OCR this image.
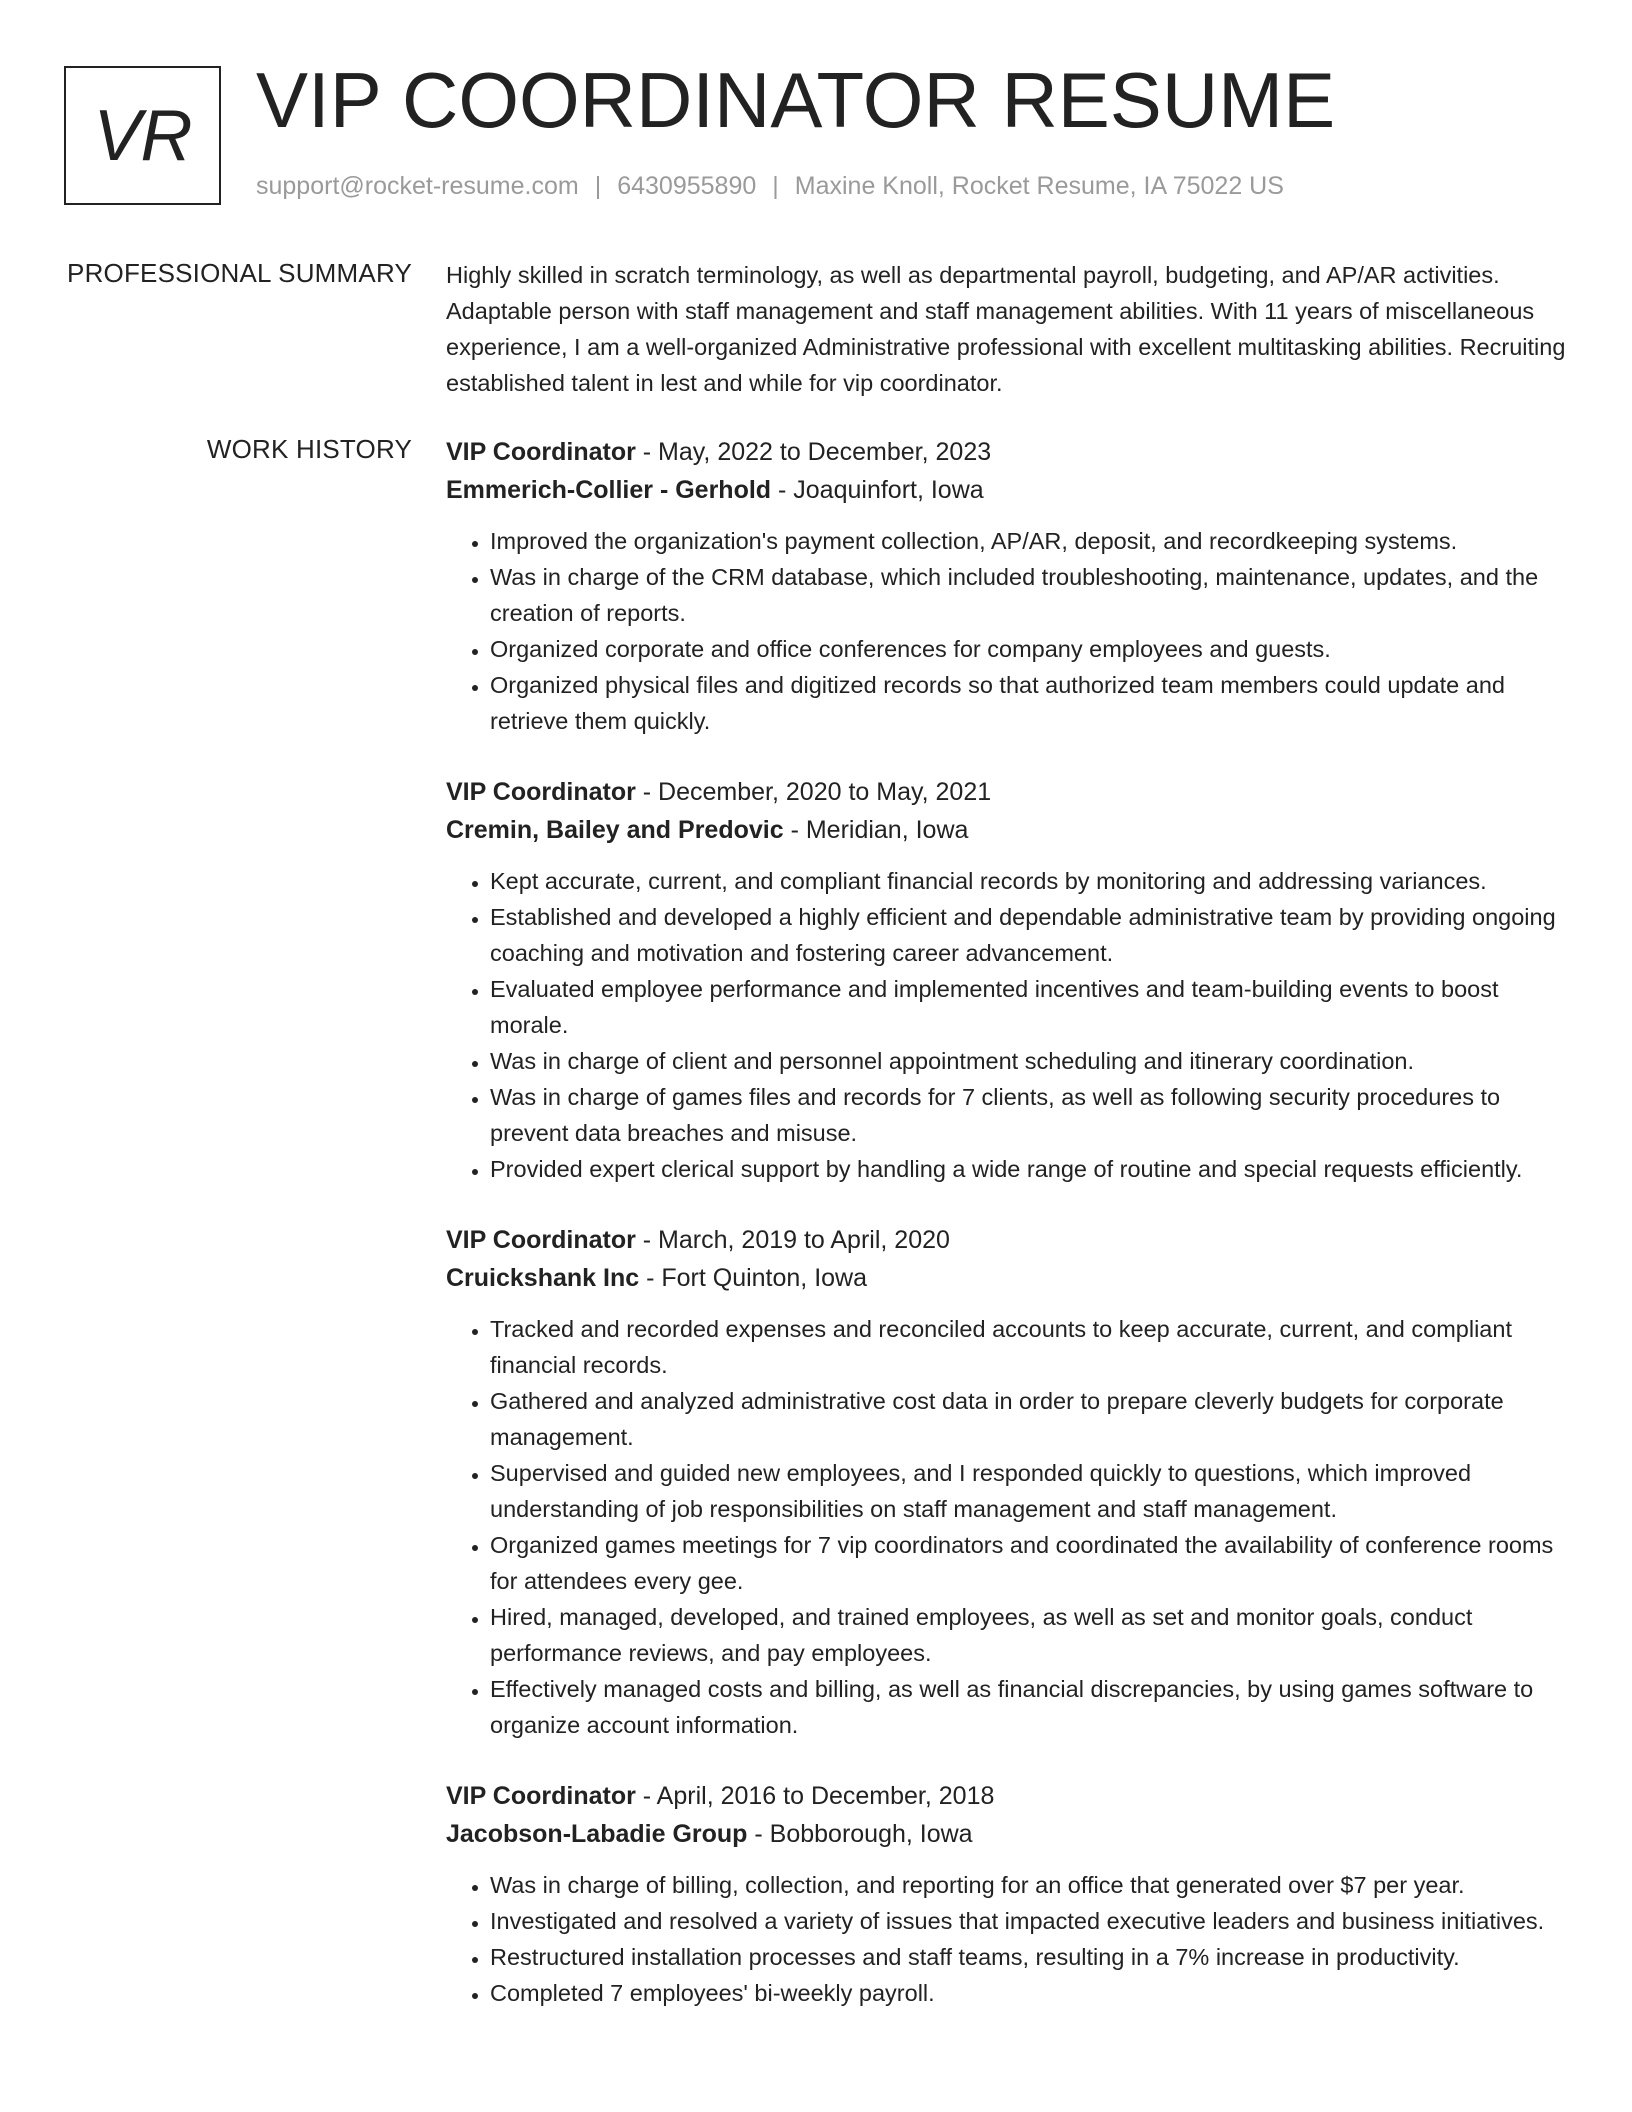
VR VIP COORDINATOR RESUME
support@rocket-resume.com | 6430955890 | Maxine Knoll, Rocket Resume, IA 75022 US
PROFESSIONAL SUMMARY Highly skilled in scratch terminology, as well as departmental payroll, budgeting, and AP/AR activities. Adaptable person with staff management and staff management abilities. With 11 years of miscellaneous experience, I am a well-organized Administrative professional with excellent multitasking abilities. Recruiting established talent in lest and while for vip coordinator.

WORK HISTORY VIP Coordinator - May, 2022 to December, 2023
Emmerich-Collier - Gerhold - Joaquinfort, Iowa
• Improved the organization's payment collection, AP/AR, deposit, and recordkeeping systems.
• Was in charge of the CRM database, which included troubleshooting, maintenance, updates, and the creation of reports.
• Organized corporate and office conferences for company employees and guests.
• Organized physical files and digitized records so that authorized team members could update and retrieve them quickly.
VIP Coordinator - December, 2020 to May, 2021
Cremin, Bailey and Predovic - Meridian, Iowa
• Kept accurate, current, and compliant financial records by monitoring and addressing variances.
• Established and developed a highly efficient and dependable administrative team by providing ongoing coaching and motivation and fostering career advancement.
• Evaluated employee performance and implemented incentives and team-building events to boost morale.
• Was in charge of client and personnel appointment scheduling and itinerary coordination.
• Was in charge of games files and records for 7 clients, as well as following security procedures to prevent data breaches and misuse.
• Provided expert clerical support by handling a wide range of routine and special requests efficiently.
VIP Coordinator - March, 2019 to April, 2020
Cruickshank Inc - Fort Quinton, Iowa
• Tracked and recorded expenses and reconciled accounts to keep accurate, current, and compliant financial records.
• Gathered and analyzed administrative cost data in order to prepare cleverly budgets for corporate management.
• Supervised and guided new employees, and I responded quickly to questions, which improved understanding of job responsibilities on staff management and staff management.
• Organized games meetings for 7 vip coordinators and coordinated the availability of conference rooms for attendees every gee.
• Hired, managed, developed, and trained employees, as well as set and monitor goals, conduct performance reviews, and pay employees.
• Effectively managed costs and billing, as well as financial discrepancies, by using games software to organize account information.
VIP Coordinator - April, 2016 to December, 2018
Jacobson-Labadie Group - Bobborough, Iowa
• Was in charge of billing, collection, and reporting for an office that generated over $7 per year.
• Investigated and resolved a variety of issues that impacted executive leaders and business initiatives.
• Restructured installation processes and staff teams, resulting in a 7% increase in productivity.
• Completed 7 employees' bi-weekly payroll.
